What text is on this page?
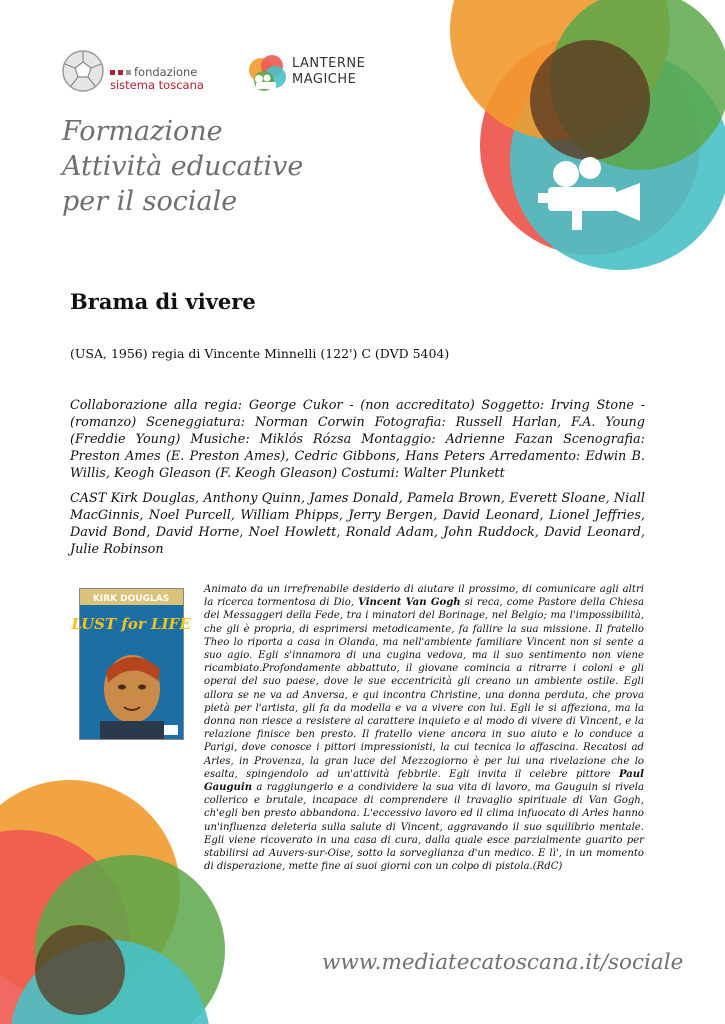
fondazione
sistema toscana
LANTERNE
MAGICHE
Formazione
Attività educative
per il sociale
Brama di vivere
(USA, 1956) regia di Vincente Minnelli (122') C (DVD 5404)
Collaborazione alla regia: George Cukor - (non accreditato) Soggetto: Irving Stone - (romanzo) Sceneggiatura: Norman Corwin Fotografia: Russell Harlan, F.A. Young (Freddie Young) Musiche: Miklós Rózsa Montaggio: Adrienne Fazan Scenografia: Preston Ames (E. Preston Ames), Cedric Gibbons, Hans Peters Arredamento: Edwin B. Willis, Keogh Gleason (F. Keogh Gleason) Costumi: Walter Plunkett
CAST Kirk Douglas, Anthony Quinn, James Donald, Pamela Brown, Everett Sloane, Niall MacGinnis, Noel Purcell, William Phipps, Jerry Bergen, David Leonard, Lionel Jeffries, David Bond, David Horne, Noel Howlett, Ronald Adam, John Ruddock, David Leonard, Julie Robinson
KIRK DOUGLAS
LUST for LIFE
Animato da un irrefrenabile desiderio di aiutare il prossimo, di comunicare agli altri la ricerca tormentosa di Dio, Vincent Van Gogh si reca, come Pastore della Chiesa dei Messaggeri della Fede, tra i minatori del Borinage, nel Belgio; ma l'impossibilità, che gli è propria, di esprimersi metodicamente, fa fallire la sua missione. Il fratello Theo lo riporta a casa in Olanda, ma nell'ambiente familiare Vincent non si sente a suo agio. Egli s'innamora di una cugina vedova, ma il suo sentimento non viene ricambiato.Profondamente abbattuto, il giovane comincia a ritrarre i coloni e gli operai del suo paese, dove le sue eccentricità gli creano un ambiente ostile. Egli allora se ne va ad Anversa, e qui incontra Christine, una donna perduta, che prova pietà per l'artista, gli fa da modella e va a vivere con lui. Egli le si affeziona, ma la donna non riesce a resistere al carattere inquieto e al modo di vivere di Vincent, e la relazione finisce ben presto. Il fratello viene ancora in suo aiuto e lo conduce a Parigi, dove conosce i pittori impressionisti, la cui tecnica lo affascina. Recatosi ad Arles, in Provenza, la gran luce del Mezzogiorno è per lui una rivelazione che lo esalta, spingendolo ad un'attività febbrile. Egli invita il celebre pittore Paul Gauguin a raggiungerlo e a condividere la sua vita di lavoro, ma Gauguin si rivela collerico e brutale, incapace di comprendere il travaglio spirituale di Van Gogh, ch'egli ben presto abbandona. L'eccessivo lavoro ed il clima infuocato di Arles hanno un'influenza deleteria sulla salute di Vincent, aggravando il suo squilibrio mentale. Egli viene ricoverato in una casa di cura, dalla quale esce parzialmente guarito per stabilirsi ad Auvers-sur-Oise, sotto la sorveglianza d'un medico. E lì', in un momento di disperazione, mette fine ai suoi giorni con un colpo di pistola.(RdC)
www.mediatecatoscana.it/sociale
